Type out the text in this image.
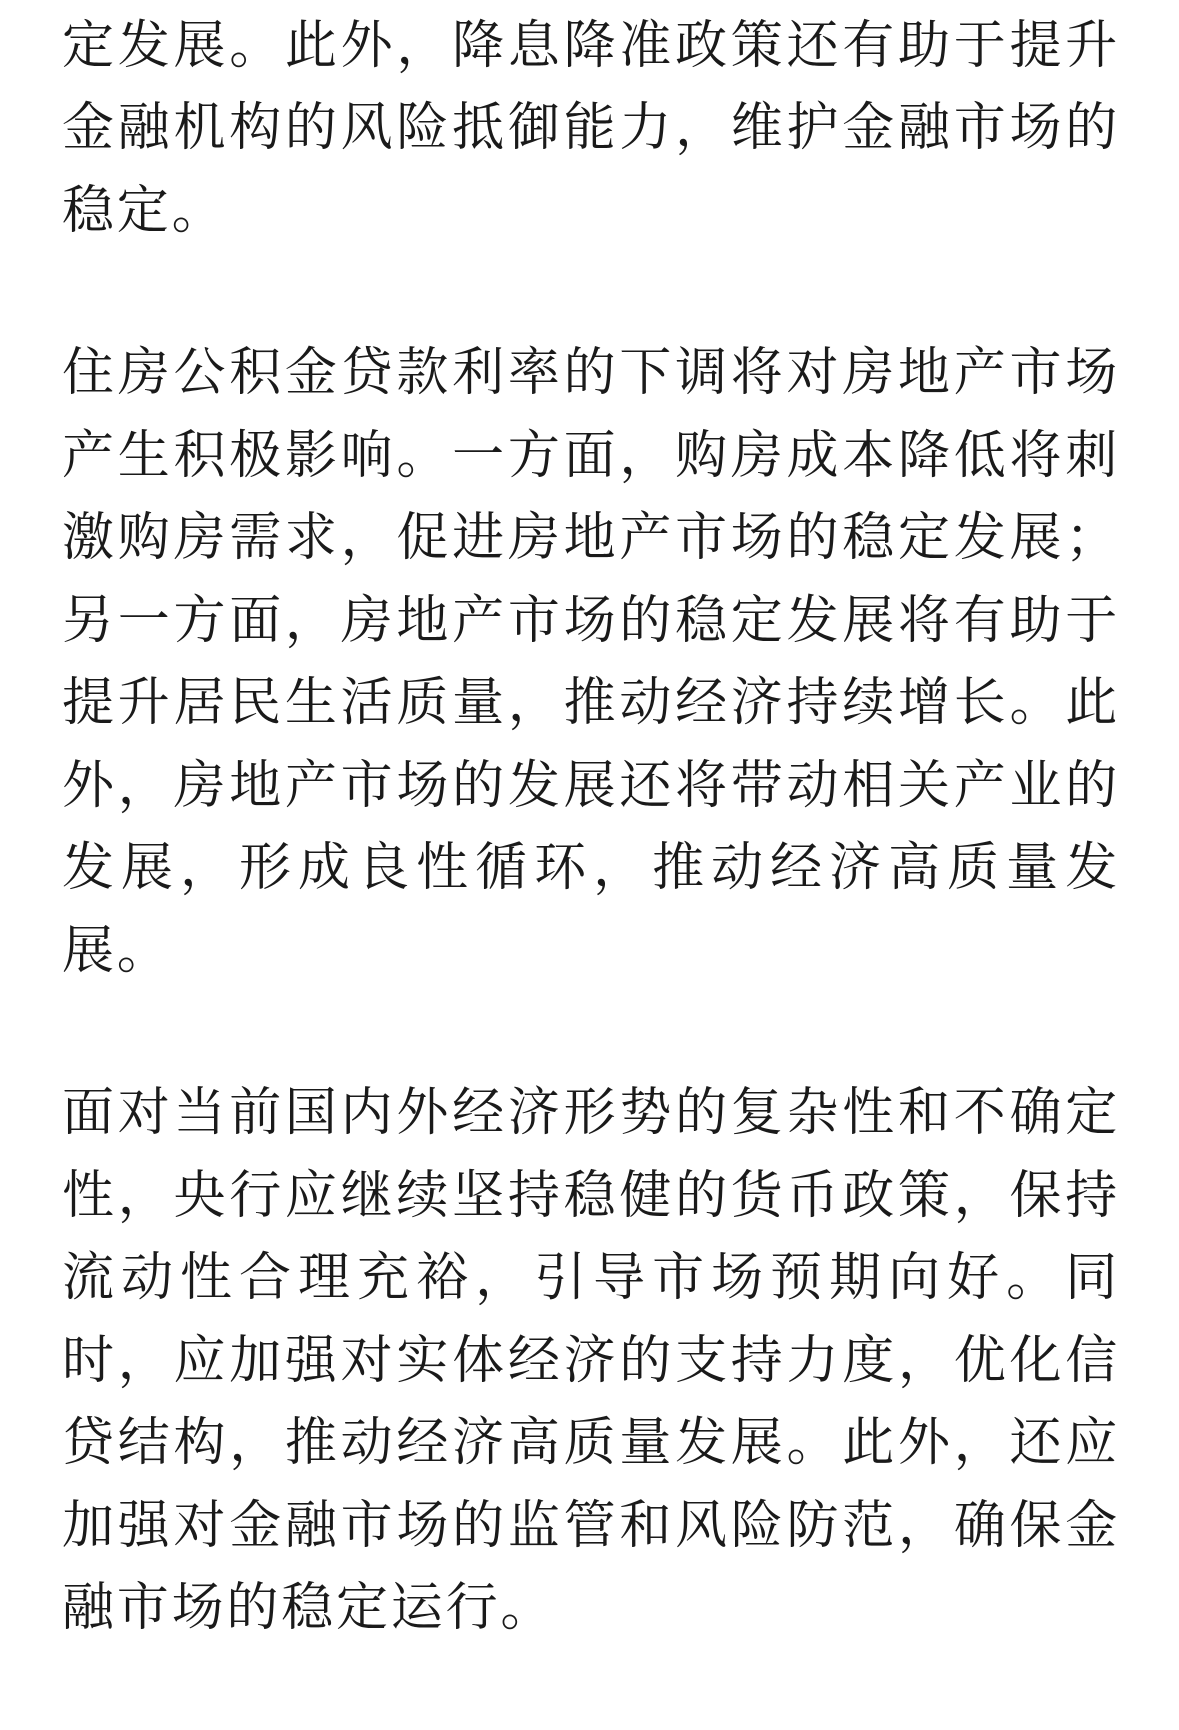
定发展。此外，降息降准政策还有助于提升金融机构的风险抵御能力，维护金融市场的稳定。

住房公积金贷款利率的下调将对房地产市场产生积极影响。一方面，购房成本降低将刺激购房需求，促进房地产市场的稳定发展；另一方面，房地产市场的稳定发展将有助于提升居民生活质量，推动经济持续增长。此外，房地产市场的发展还将带动相关产业的发展，形成良性循环，推动经济高质量发展。

面对当前国内外经济形势的复杂性和不确定性，央行应继续坚持稳健的货币政策，保持流动性合理充裕，引导市场预期向好。同时，应加强对实体经济的支持力度，优化信贷结构，推动经济高质量发展。此外，还应加强对金融市场的监管和风险防范，确保金融市场的稳定运行。
